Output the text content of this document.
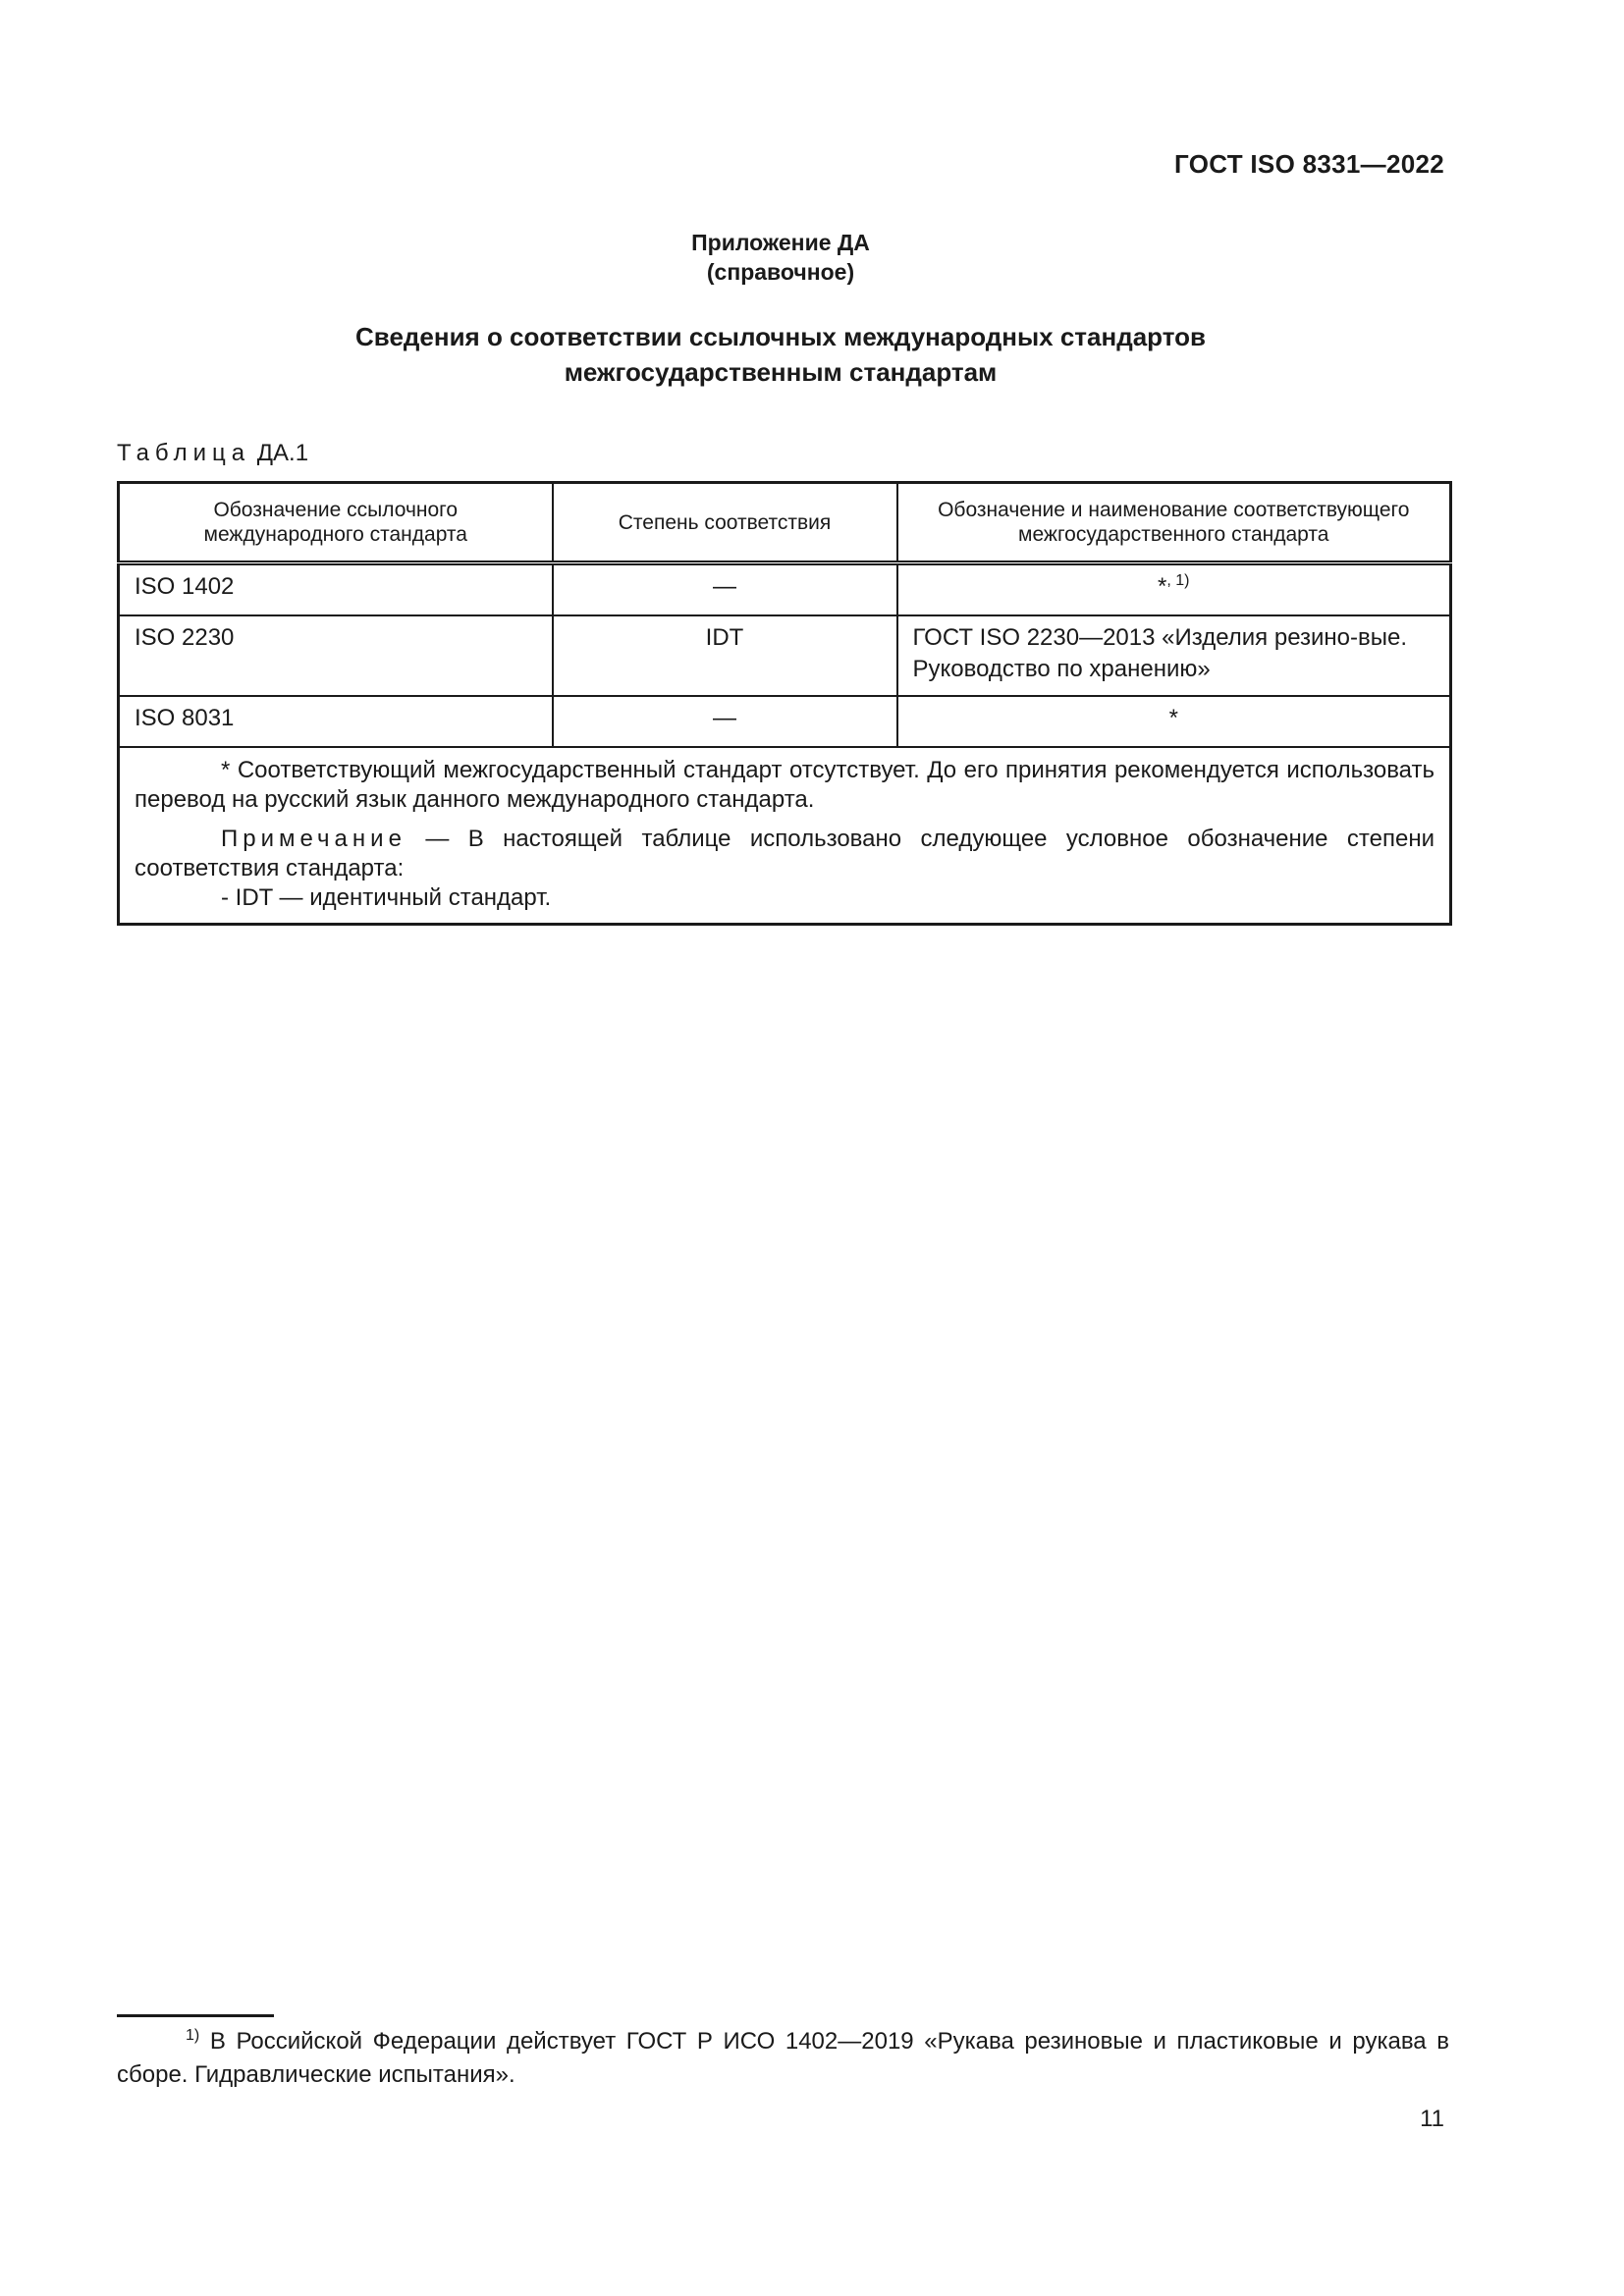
ГОСТ ISO 8331—2022
Приложение ДА
(справочное)
Сведения о соответствии ссылочных международных стандартов
межгосударственным стандартам
Таблица ДА.1
Обозначение ссылочного международного стандарта	Степень соответствия	Обозначение и наименование соответствующего межгосударственного стандарта
ISO 1402	—	*$^{, 1)}$
ISO 2230	IDT	ГОСТ ISO 2230—2013 «Изделия резино-вые. Руководство по хранению»
ISO 8031	—	*

* Соответствующий межгосударственный стандарт отсутствует. До его принятия рекомендуется использовать перевод на русский язык данного международного стандарта.

Примечание — В настоящей таблице использовано следующее условное обозначение степени соответствия стандарта:

- IDT — идентичный стандарт.		

$^{1)}$ В Российской Федерации действует ГОСТ Р ИСО 1402—2019 «Рукава резиновые и пластиковые и рукава в сборе. Гидравлические испытания».
11
